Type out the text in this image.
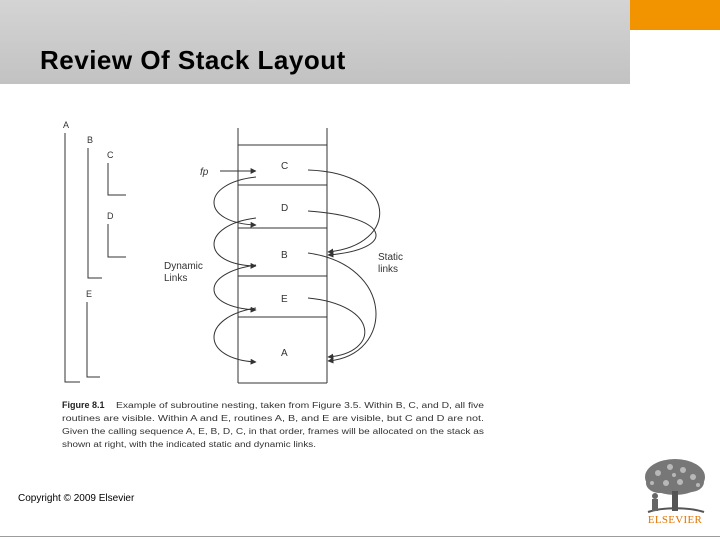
Review Of Stack Layout
A
B
C
D
E
C
D
B
E
A
fp
Dynamic
Links
Static
links
Figure 8.1 Example of subroutine nesting, taken from Figure 3.5. Within B, C, and D, all five
routines are visible. Within A and E, routines A, B, and E are visible, but C and D are not.
Given the calling sequence A, E, B, D, C, in that order, frames will be allocated on the stack as
shown at right, with the indicated static and dynamic links.
Copyright © 2009 Elsevier
ELSEVIER
